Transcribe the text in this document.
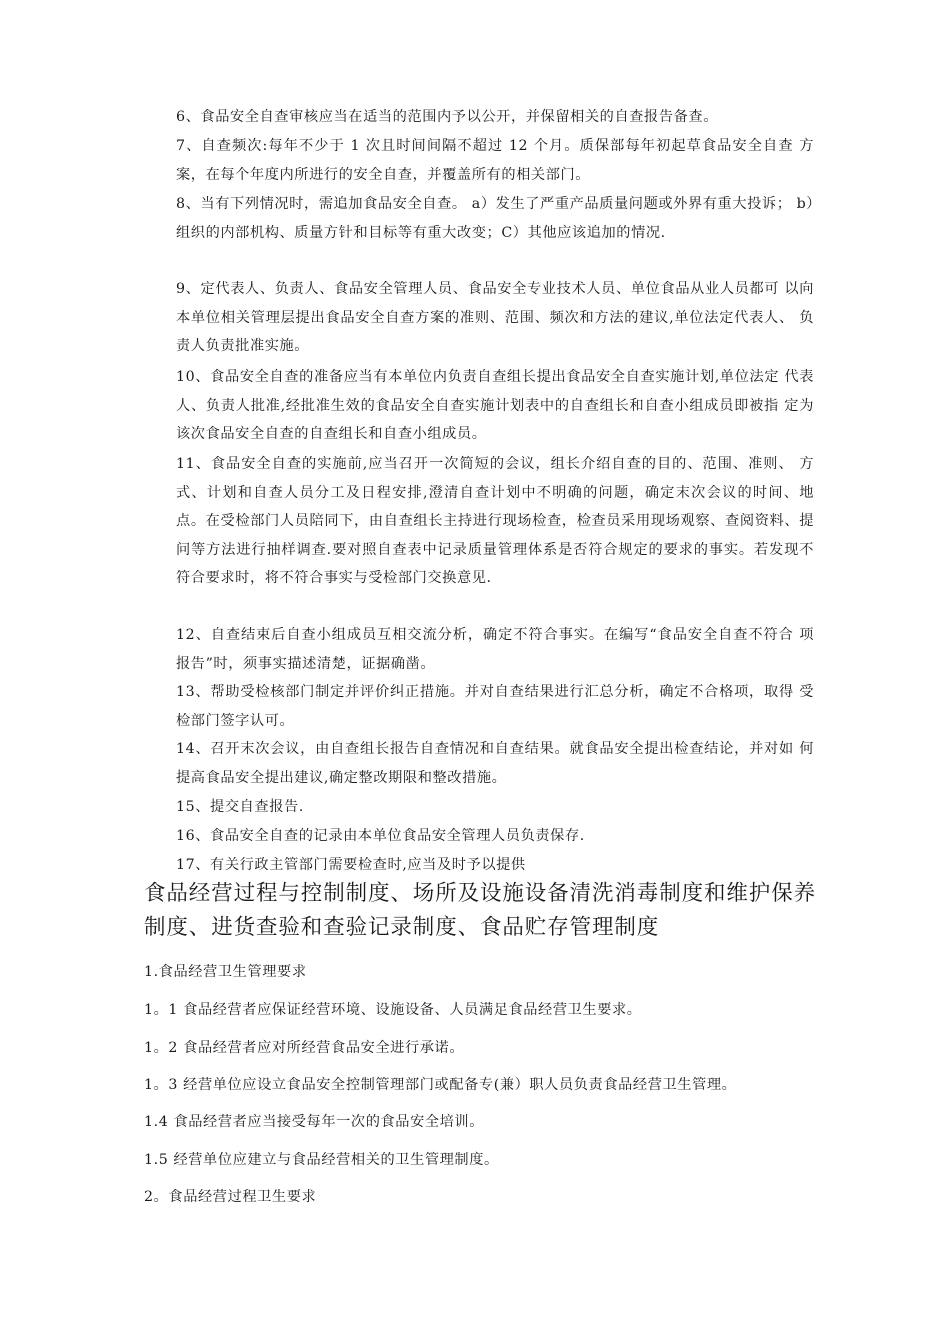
6、食品安全自查审核应当在适当的范围内予以公开，并保留相关的自查报告备查。

7、自查频次:每年不少于 1 次且时间间隔不超过 12 个月。质保部每年初起草食品安全自查 方案，在每个年度内所进行的安全自查，并覆盖所有的相关部门。

8、当有下列情况时，需追加食品安全自查。 a）发生了严重产品质量问题或外界有重大投诉； b）组织的内部机构、质量方针和目标等有重大改变；C）其他应该追加的情况.

9、定代表人、负责人、食品安全管理人员、食品安全专业技术人员、单位食品从业人员都可 以向本单位相关管理层提出食品安全自查方案的准则、范围、频次和方法的建议,单位法定代表人、 负责人负责批准实施。

10、食品安全自查的准备应当有本单位内负责自查组长提出食品安全自查实施计划,单位法定 代表人、负责人批准,经批准生效的食品安全自查实施计划表中的自查组长和自查小组成员即被指 定为该次食品安全自查的自查组长和自查小组成员。

11、食品安全自查的实施前,应当召开一次简短的会议，组长介绍自查的目的、范围、准则、 方式、计划和自查人员分工及日程安排,澄清自查计划中不明确的问题，确定末次会议的时间、地 点。在受检部门人员陪同下，由自查组长主持进行现场检查，检查员采用现场观察、查阅资料、提 问等方法进行抽样调查.要对照自查表中记录质量管理体系是否符合规定的要求的事实。若发现不 符合要求时，将不符合事实与受检部门交换意见.

12、自查结束后自查小组成员互相交流分析，确定不符合事实。在编写“食品安全自查不符合 项报告”时，须事实描述清楚，证据确凿。

13、帮助受检核部门制定并评价纠正措施。并对自查结果进行汇总分析，确定不合格项，取得 受检部门签字认可。

14、召开末次会议，由自查组长报告自查情况和自查结果。就食品安全提出检查结论，并对如 何提高食品安全提出建议,确定整改期限和整改措施。

15、提交自查报告.

16、食品安全自查的记录由本单位食品安全管理人员负责保存.

17、有关行政主管部门需要检查时,应当及时予以提供

食品经营过程与控制制度、场所及设施设备清洗消毒制度和维护保养制度、进货查验和查验记录制度、食品贮存管理制度

1.食品经营卫生管理要求

1。1 食品经营者应保证经营环境、设施设备、人员满足食品经营卫生要求。

1。2 食品经营者应对所经营食品安全进行承诺。

1。3 经营单位应设立食品安全控制管理部门或配备专(兼）职人员负责食品经营卫生管理。

1.4 食品经营者应当接受每年一次的食品安全培训。

1.5 经营单位应建立与食品经营相关的卫生管理制度。

2。食品经营过程卫生要求
